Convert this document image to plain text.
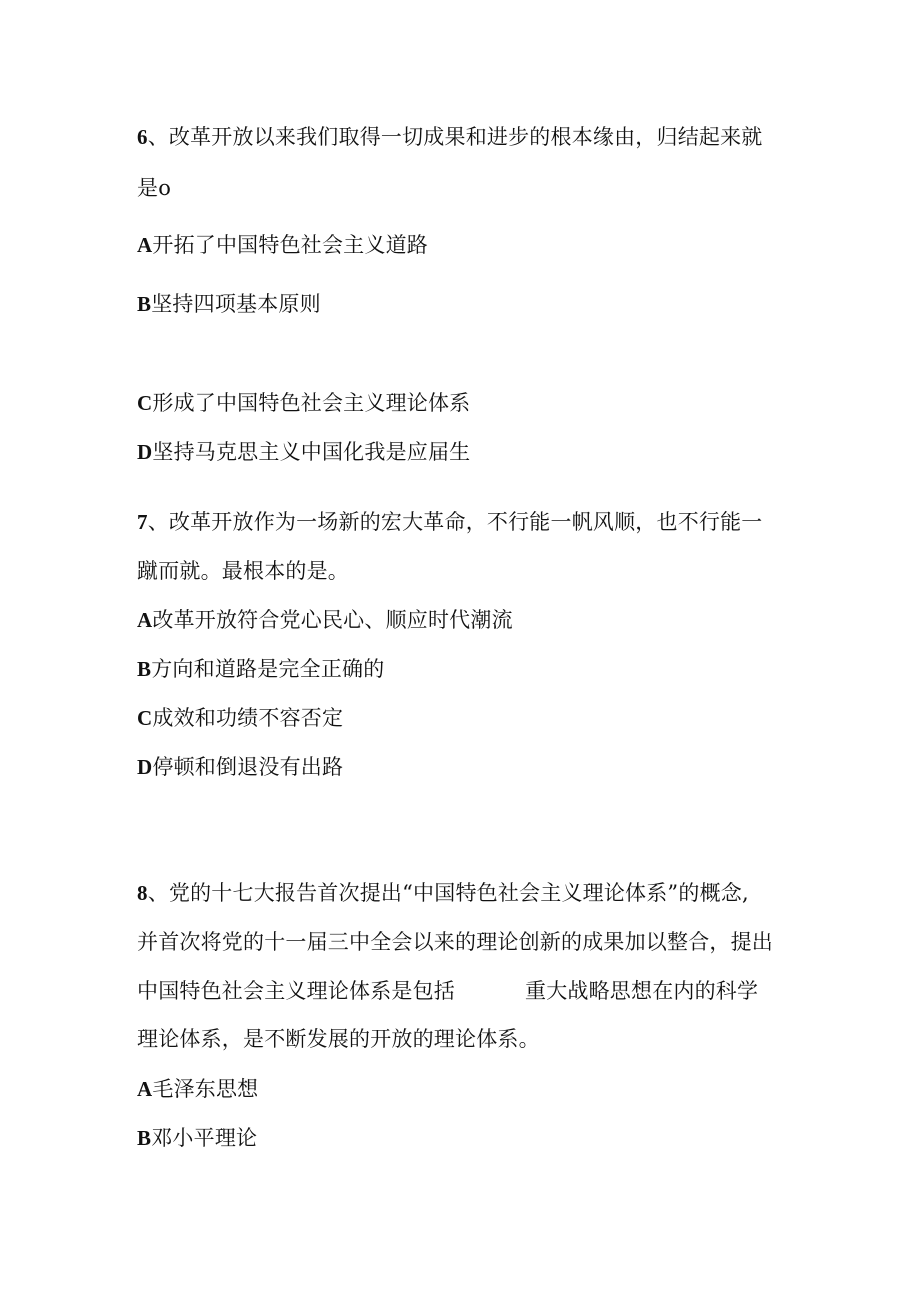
6、改革开放以来我们取得一切成果和进步的根本缘由，归结起来就
是o
A开拓了中国特色社会主义道路
B坚持四项基本原则
C形成了中国特色社会主义理论体系
D坚持马克思主义中国化我是应届生
7、改革开放作为一场新的宏大革命，不行能一帆风顺，也不行能一
蹴而就。最根本的是。
A改革开放符合党心民心、顺应时代潮流
B方向和道路是完全正确的
C成效和功绩不容否定
D停顿和倒退没有出路
8、党的十七大报告首次提出“中国特色社会主义理论体系”的概念,
并首次将党的十一届三中全会以来的理论创新的成果加以整合，提出
中国特色社会主义理论体系是包括	重大战略思想在内的科学
理论体系，是不断发展的开放的理论体系。
A毛泽东思想
B邓小平理论
